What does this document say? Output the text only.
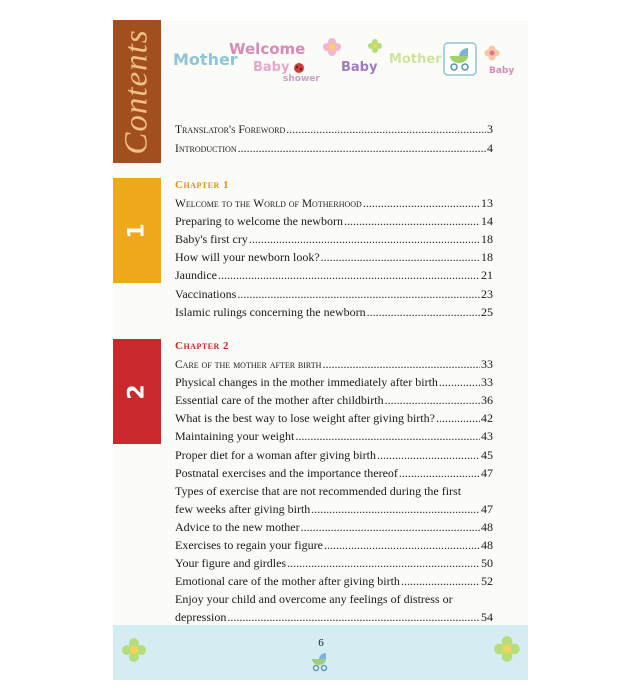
Contents Mother
Welcome
Baby
shower
Baby
Mother
Baby
Translator's Foreword .....	3
Introduction .....	4
1
Chapter 1
Welcome to the World of Motherhood .....	13
Preparing to welcome the newborn .....	14
Baby's first cry .....	18
How will your newborn look? .....	18
Jaundice .....	21
Vaccinations .....	23
Islamic rulings concerning the newborn .....	25
2
Chapter 2
Care of the mother after birth .....	33
Physical changes in the mother immediately after birth .....	33
Essential care of the mother after childbirth .....	36
What is the best way to lose weight after giving birth? .....	42
Maintaining your weight .....	43
Proper diet for a woman after giving birth .....	45
Postnatal exercises and the importance thereof .....	47
Types of exercise that are not recommended during the first
few weeks after giving birth .....	47
Advice to the new mother .....	48
Exercises to regain your figure .....	48
Your figure and girdles .....	50
Emotional care of the mother after giving birth .....	52
Enjoy your child and overcome any feelings of distress or
depression .....	54
6
